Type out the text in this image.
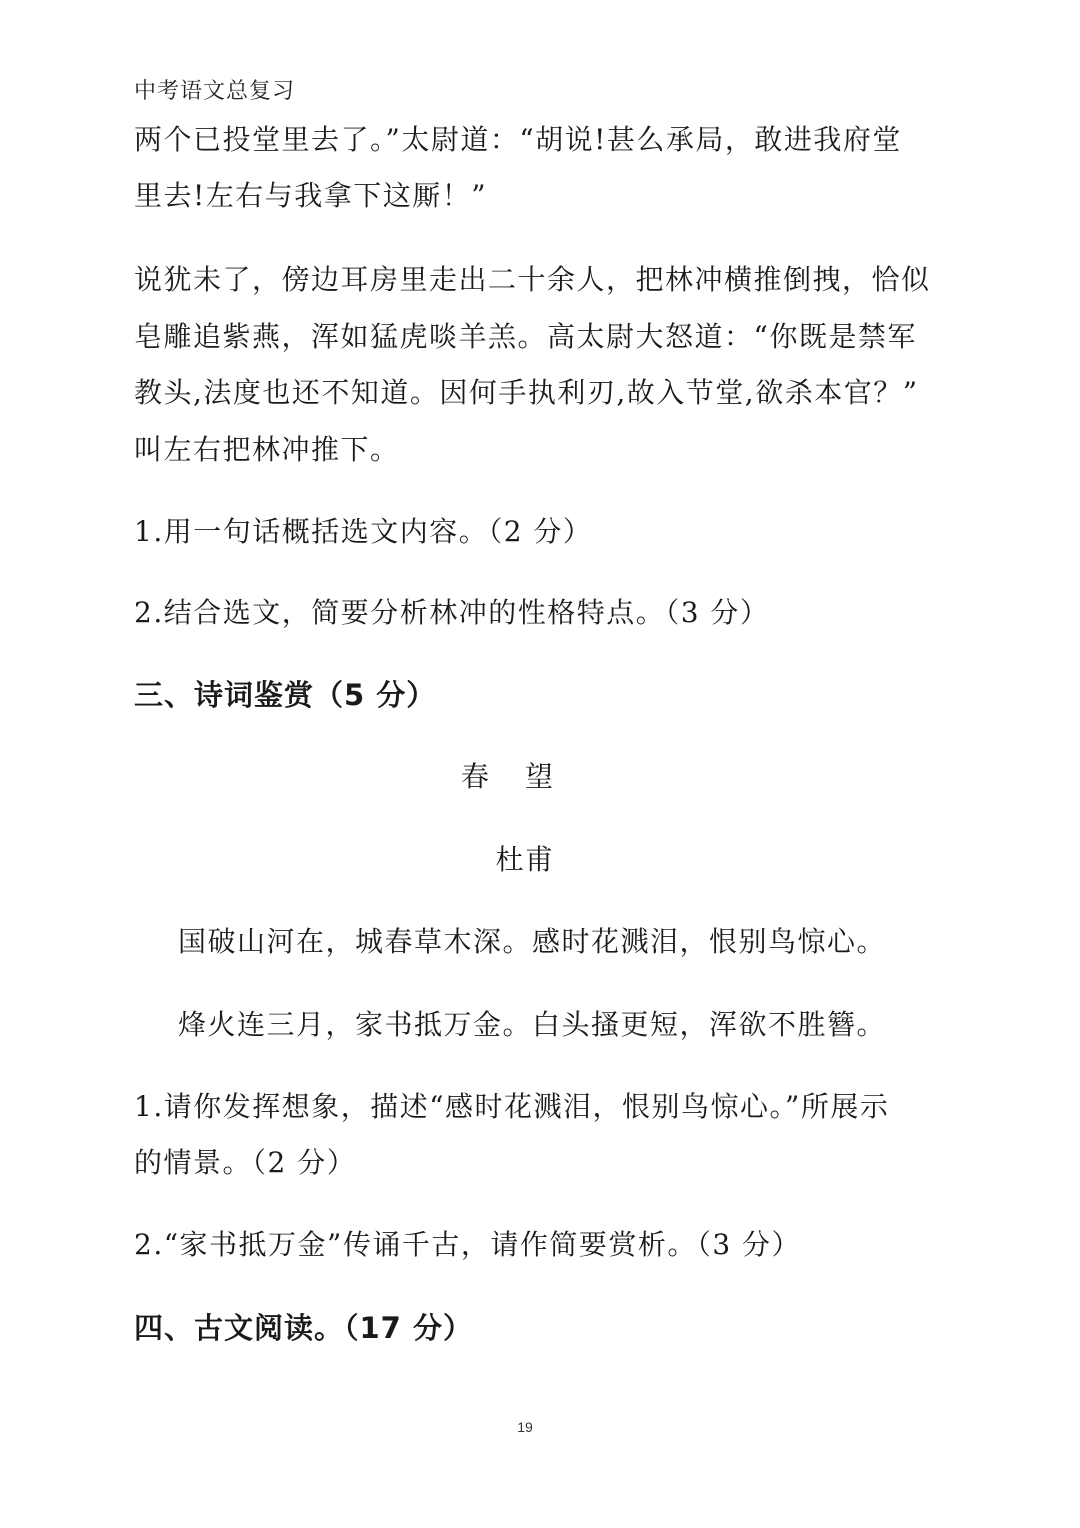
中考语文总复习
两个已投堂里去了。”太尉道：“胡说!甚么承局，敢进我府堂
里去!左右与我拿下这厮！”
说犹未了，傍边耳房里走出二十余人，把林冲横推倒拽，恰似
皂雕追紫燕，浑如猛虎啖羊羔。高太尉大怒道：“你既是禁军
教头,法度也还不知道。因何手执利刃,故入节堂,欲杀本官？”
叫左右把林冲推下。
1.用一句话概括选文内容。（2 分）
2.结合选文，简要分析林冲的性格特点。（3 分）
三、诗词鉴赏（5 分）
春望
杜甫
国破山河在，城春草木深。感时花溅泪，恨别鸟惊心。
烽火连三月，家书抵万金。白头搔更短，浑欲不胜簪。
1.请你发挥想象，描述“感时花溅泪，恨别鸟惊心。”所展示
的情景。（2 分）
2.“家书抵万金”传诵千古，请作简要赏析。（3 分）
四、古文阅读。（17 分）
19
